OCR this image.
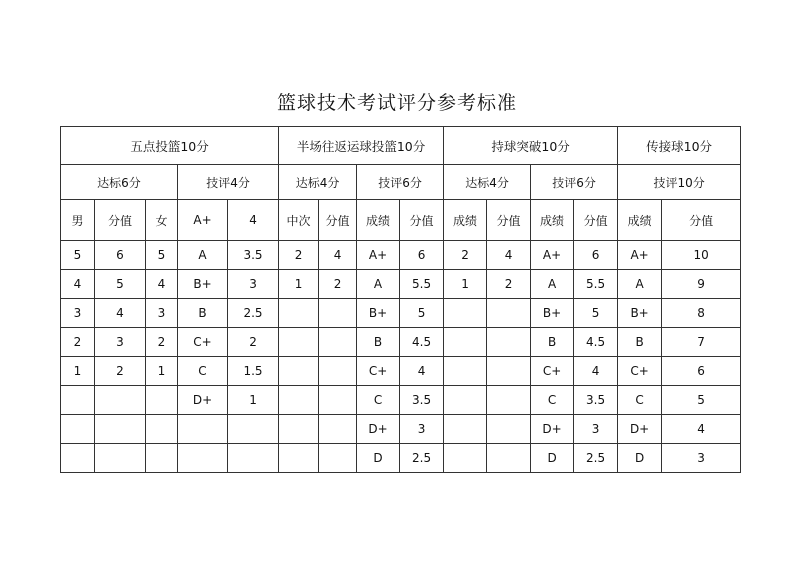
篮球技术考试评分参考标准
五点投篮10分					半场往返运球投篮10分				持球突破10分				传接球10分	
达标6分			技评4分		达标4分		技评6分		达标4分		技评6分		技评10分	
男	分值	女	A+	4	中次	分值	成绩	分值	成绩	分值	成绩	分值	成绩	分值
5	6	5	A	3.5	2	4	A+	6	2	4	A+	6	A+	10
4	5	4	B+	3	1	2	A	5.5	1	2	A	5.5	A	9
3	4	3	B	2.5			B+	5			B+	5	B+	8
2	3	2	C+	2			B	4.5			B	4.5	B	7
1	2	1	C	1.5			C+	4			C+	4	C+	6
			D+	1			C	3.5			C	3.5	C	5
							D+	3			D+	3	D+	4
							D	2.5			D	2.5	D	3
